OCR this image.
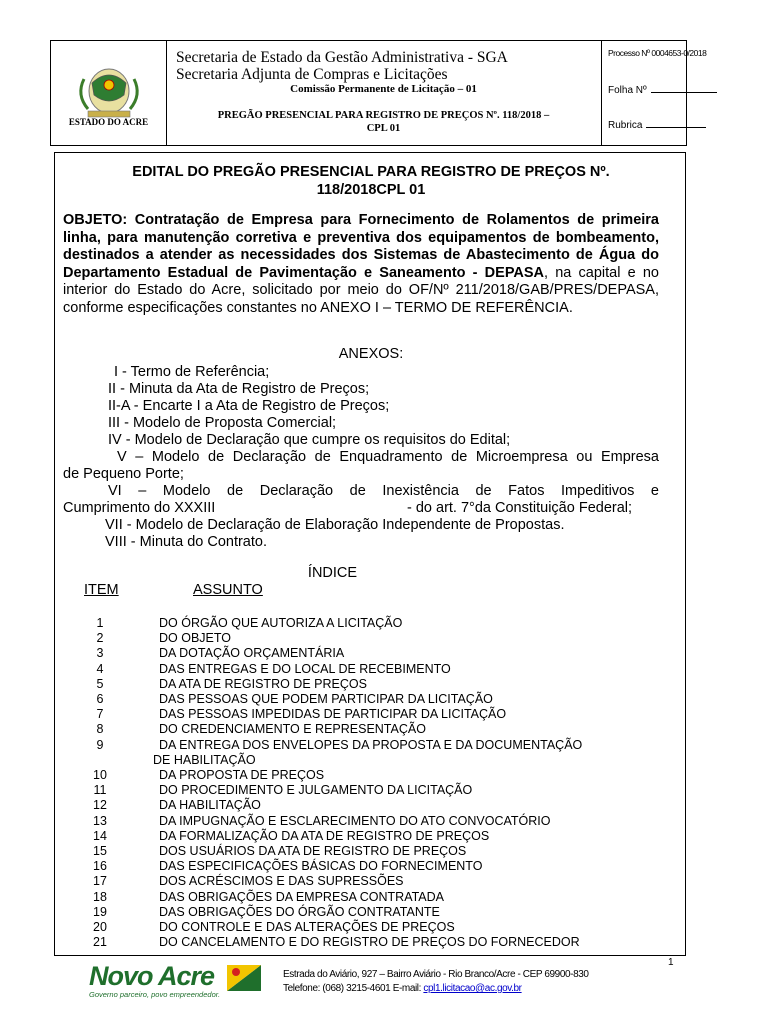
ESTADO DO ACRE
Secretaria de Estado da Gestão Administrativa - SGA
Secretaria Adjunta de Compras e Licitações
Comissão Permanente de Licitação – 01
PREGÃO PRESENCIAL PARA REGISTRO DE PREÇOS Nº. 118/2018 –
CPL 01
Processo Nº 0004653-0/2018
Folha Nº
Rubrica
EDITAL DO PREGÃO PRESENCIAL PARA REGISTRO DE PREÇOS Nº.
118/2018CPL 01
OBJETO: Contratação de Empresa para Fornecimento de Rolamentos de primeira linha, para manutenção corretiva e preventiva dos equipamentos de bombeamento, destinados a atender as necessidades dos Sistemas de Abastecimento de Água do Departamento Estadual de Pavimentação e Saneamento - DEPASA, na capital e no interior do Estado do Acre, solicitado por meio do OF/Nº 211/2018/GAB/PRES/DEPASA, conforme especificações constantes no ANEXO I – TERMO DE REFERÊNCIA.
ANEXOS:
I - Termo de Referência;
II - Minuta da Ata de Registro de Preços;
II-A - Encarte I a Ata de Registro de Preços;
III - Modelo de Proposta Comercial;
IV - Modelo de Declaração que cumpre os requisitos do Edital;
V – Modelo de Declaração de Enquadramento de Microempresa ou Empresa
de Pequeno Porte;
VI – Modelo de Declaração de Inexistência de Fatos Impeditivos e
Cumprimento do XXXIII	- do art. 7°da Constituição Federal;
VII - Modelo de Declaração de Elaboração Independente de Propostas.
VIII - Minuta do Contrato.
ÍNDICE
ITEM	ASSUNTO
1	DO ÓRGÃO QUE AUTORIZA A LICITAÇÃO
2	DO OBJETO
3	DA DOTAÇÃO ORÇAMENTÁRIA
4	DAS ENTREGAS E DO LOCAL DE RECEBIMENTO
5	DA ATA DE REGISTRO DE PREÇOS
6	DAS PESSOAS QUE PODEM PARTICIPAR DA LICITAÇÃO
7	DAS PESSOAS IMPEDIDAS DE PARTICIPAR DA LICITAÇÃO
8	DO CREDENCIAMENTO E REPRESENTAÇÃO
9	DA ENTREGA DOS ENVELOPES DA PROPOSTA E DA DOCUMENTAÇÃO
DE HABILITAÇÃO
10	DA PROPOSTA DE PREÇOS
11	DO PROCEDIMENTO E JULGAMENTO DA LICITAÇÃO
12	DA HABILITAÇÃO
13	DA IMPUGNAÇÃO E ESCLARECIMENTO DO ATO CONVOCATÓRIO
14	DA FORMALIZAÇÃO DA ATA DE REGISTRO DE PREÇOS
15	DOS USUÁRIOS DA ATA DE REGISTRO DE PREÇOS
16	DAS ESPECIFICAÇÕES BÁSICAS DO FORNECIMENTO
17	DOS ACRÉSCIMOS E DAS SUPRESSÕES
18	DAS OBRIGAÇÕES DA EMPRESA CONTRATADA
19	DAS OBRIGAÇÕES DO ÓRGÃO CONTRATANTE
20	DO CONTROLE E DAS ALTERAÇÕES DE PREÇOS
21	DO CANCELAMENTO E DO REGISTRO DE PREÇOS DO FORNECEDOR
1
Novo Acre
Governo parceiro, povo empreendedor.
Estrada do Aviário, 927 – Bairro Aviário - Rio Branco/Acre - CEP 69900-830
Telefone: (068) 3215-4601 E-mail: cpl1.licitacao@ac.gov.br
